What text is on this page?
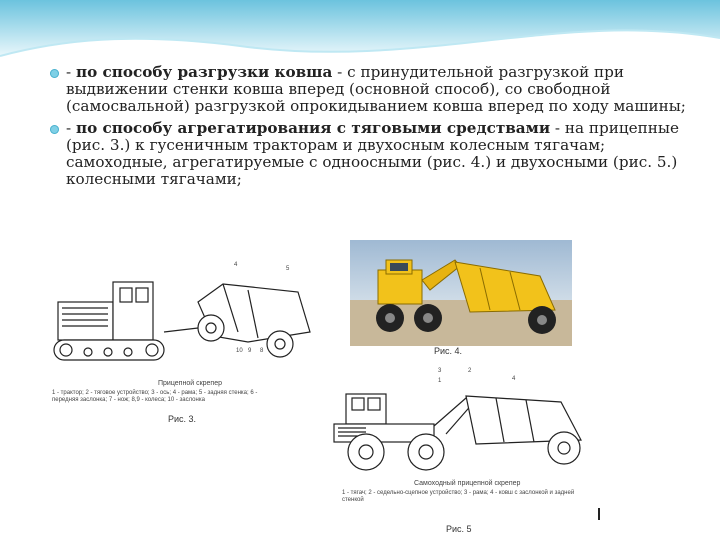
- по способу разгрузки ковша - с принудительной разгрузкой при выдвижении стенки ковша вперед (основной способ), со свободной (самосвальной) разгрузкой опрокидыванием ковша вперед по ходу машины;
- по способу агрегатирования с тяговыми средствами - на прицепные (рис. 3.) к гусеничным тракторам и двухосным колесным тягачам; самоходные, агрегатируемые с одноосными (рис. 4.) и двухосными (рис. 5.) колесными тягачами;
4
5
10 9 8
Прицепной скрепер
1 - трактор; 2 - тяговое устройство; 3 - ось; 4 - рама; 5 - задняя стенка; 6 - передняя заслонка; 7 - нож; 8,9 - колеса; 10 - заслонка
Рис. 3.
Рис. 4.
1
2
3
4
Самоходный прицепной скрепер
1 - тягач; 2 - седельно-сцепное устройство; 3 - рама; 4 - ковш с заслонкой и задней стенкой
Рис. 5
